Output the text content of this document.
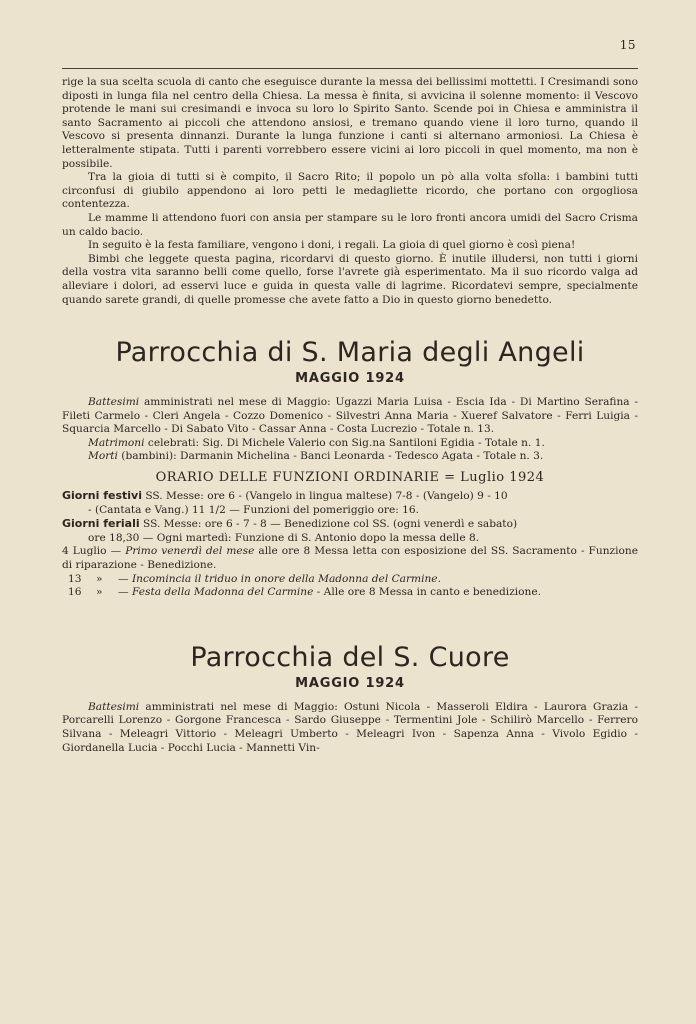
15

rige la sua scelta scuola di canto che eseguisce durante la messa dei bellissimi mottetti. I Cresimandi sono diposti in lunga fila nel centro della Chiesa. La messa è finita, si avvicina il solenne momento: il Vescovo protende le mani sui cresimandi e invoca su loro lo Spirito Santo. Scende poi in Chiesa e amministra il santo Sacramento ai piccoli che attendono ansiosi, e tremano quando viene il loro turno, quando il Vescovo si presenta dinnanzi. Durante la lunga funzione i canti si alternano armoniosi. La Chiesa è letteralmente stipata. Tutti i parenti vorrebbero essere vicini ai loro piccoli in quel momento, ma non è possibile.

Tra la gioia di tutti si è compito, il Sacro Rito; il popolo un pò alla volta sfolla: i bambini tutti circonfusi di giubilo appendono ai loro petti le medagliette ricordo, che portano con orgogliosa contentezza.

Le mamme li attendono fuori con ansia per stampare su le loro fronti ancora umidi del Sacro Crisma un caldo bacio.

In seguito è la festa familiare, vengono i doni, i regali. La gioia di quel giorno è così piena!

Bimbi che leggete questa pagina, ricordarvi di questo giorno. È inutile illudersi, non tutti i giorni della vostra vita saranno belli come quello, forse l'avrete già esperimentato. Ma il suo ricordo valga ad alleviare i dolori, ad esservi luce e guida in questa valle di lagrime. Ricordatevi sempre, specialmente quando sarete grandi, di quelle promesse che avete fatto a Dio in questo giorno benedetto.

Parrocchia di S. Maria degli Angeli
MAGGIO 1924

Battesimi amministrati nel mese di Maggio: Ugazzi Maria Luisa - Escia Ida - Di Martino Serafina - Fileti Carmelo - Cleri Angela - Cozzo Domenico - Silvestri Anna Maria - Xueref Salvatore - Ferri Luigia - Squarcia Marcello - Di Sabato Vito - Cassar Anna - Costa Lucrezio - Totale n. 13.

Matrimoni celebrati: Sig. Di Michele Valerio con Sig.na Santiloni Egidia - Totale n. 1.

Morti (bambini): Darmanin Michelina - Banci Leonarda - Tedesco Agata - Totale n. 3.

ORARIO DELLE FUNZIONI ORDINARIE = Luglio 1924
Giorni festivi SS. Messe: ore 6 - (Vangelo in lingua maltese) 7-8 - (Vangelo) 9 - 10
- (Cantata e Vang.) 11 1/2 — Funzioni del pomeriggio ore: 16.
Giorni feriali SS. Messe: ore 6 - 7 - 8 — Benedizione col SS. (ogni venerdì e sabato)
ore 18,30 — Ogni martedì: Funzione di S. Antonio dopo la messa delle 8.
4 Luglio — Primo venerdì del mese alle ore 8 Messa letta con esposizione del SS. Sacramento - Funzione di riparazione - Benedizione.
13	»	— Incomincia il triduo in onore della Madonna del Carmine.
16	»	— Festa della Madonna del Carmine - Alle ore 8 Messa in canto e benedizione.
Parrocchia del S. Cuore
MAGGIO 1924

Battesimi amministrati nel mese di Maggio: Ostuni Nicola - Masseroli Eldira - Laurora Grazia - Porcarelli Lorenzo - Gorgone Francesca - Sardo Giuseppe - Termentini Jole - Schilirò Marcello - Ferrero Silvana - Meleagri Vittorio - Meleagri Umberto - Meleagri Ivon - Sapenza Anna - Vivolo Egidio - Giordanella Lucia - Pocchi Lucia - Mannetti Vin-
